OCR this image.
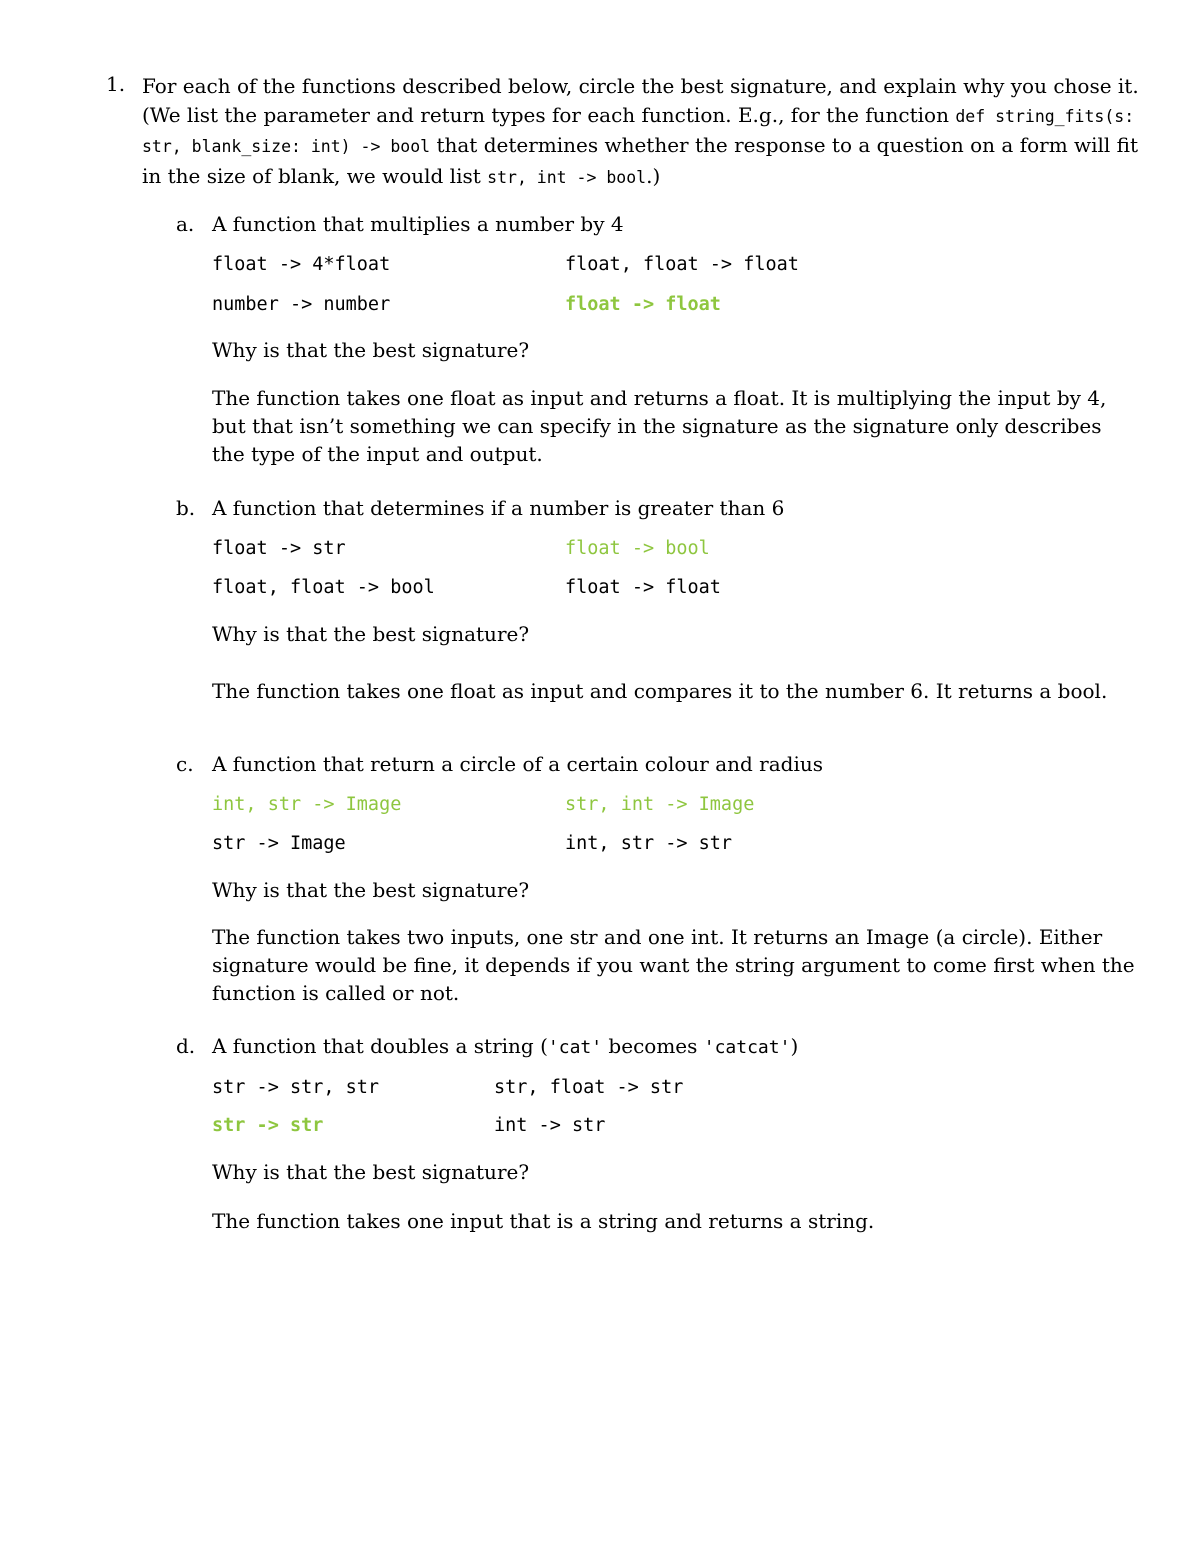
1. For each of the functions described below, circle the best signature, and explain why you chose it. (We list the parameter and return types for each function. E.g., for the function def string_fits(s: str, blank_size: int) -> bool that determines whether the response to a question on a form will fit in the size of blank, we would list str, int -> bool.)
a. A function that multiplies a number by 4
float -> 4*float	float, float -> float
number -> number	float -> float
Why is that the best signature?
The function takes one float as input and returns a float. It is multiplying the input by 4, but that isn’t something we can specify in the signature as the signature only describes the type of the input and output.
b. A function that determines if a number is greater than 6
float -> str	float -> bool
float, float -> bool	float -> float
Why is that the best signature?
The function takes one float as input and compares it to the number 6. It returns a bool.
c. A function that return a circle of a certain colour and radius
int, str -> Image	str, int -> Image
str -> Image	int, str -> str
Why is that the best signature?
The function takes two inputs, one str and one int. It returns an Image (a circle). Either signature would be fine, it depends if you want the string argument to come first when the function is called or not.
d. A function that doubles a string ('cat' becomes 'catcat')
str -> str, str	str, float -> str
str -> str	int -> str
Why is that the best signature?
The function takes one input that is a string and returns a string.
